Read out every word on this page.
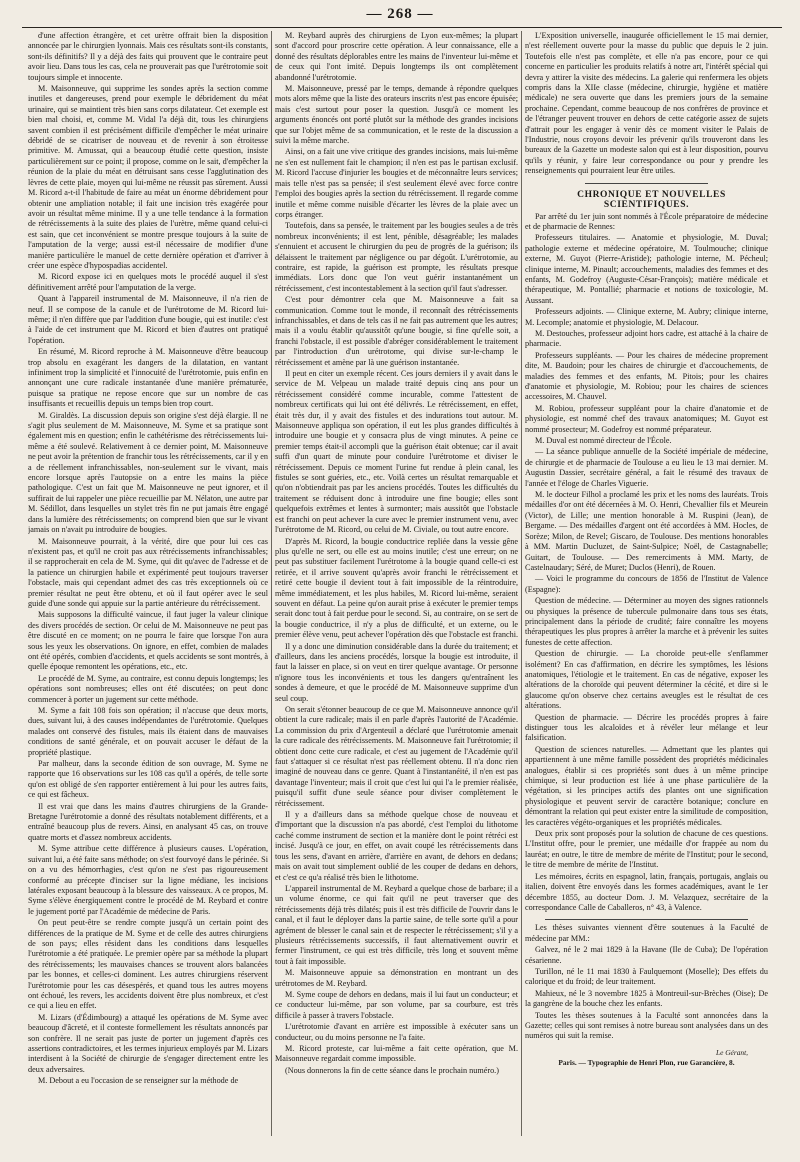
— 268 —

d'une affection étrangère, et cet urètre offrait bien la disposition annoncée par le chirurgien lyonnais. Mais ces résultats sont-ils constants, sont-ils définitifs? Il y a déjà des faits qui prouvent que le contraire peut avoir lieu. Dans tous les cas, cela ne prouverait pas que l'urétrotomie soit toujours simple et innocente.

M. Maisonneuve, qui supprime les sondes après la section comme inutiles et dangereuses, prend pour exemple le débridement du méat urinaire, qui se maintient très bien sans corps dilatateur. Cet exemple est bien mal choisi, et, comme M. Vidal l'a déjà dit, tous les chirurgiens savent combien il est précisément difficile d'empêcher le méat urinaire débridé de se cicatriser de nouveau et de revenir à son étroitesse primitive. M. Amussat, qui a beaucoup étudié cette question, insiste particulièrement sur ce point; il propose, comme on le sait, d'empêcher la réunion de la plaie du méat en détruisant sans cesse l'agglutination des lèvres de cette plaie, moyen qui lui-même ne réussit pas sûrement. Aussi M. Ricord a-t-il l'habitude de faire au méat un énorme débridement pour obtenir une ampliation notable; il fait une incision très exagérée pour avoir un résultat même minime. Il y a une telle tendance à la formation de rétrécissements à la suite des plaies de l'urètre, même quand celui-ci est sain, que cet inconvénient se montre presque toujours à la suite de l'amputation de la verge; aussi est-il nécessaire de modifier d'une manière particulière le manuel de cette dernière opération et d'arriver à créer une espèce d'hypospadias accidentel.

M. Ricord expose ici en quelques mots le procédé auquel il s'est définitivement arrêté pour l'amputation de la verge.

Quant à l'appareil instrumental de M. Maisonneuve, il n'a rien de neuf. Il se compose de la canule et de l'urétrotome de M. Ricord lui-même; il n'en diffère que par l'addition d'une bougie, qui est inutile: c'est à l'aide de cet instrument que M. Ricord et bien d'autres ont pratiqué l'opération.

En résumé, M. Ricord reproche à M. Maisonneuve d'être beaucoup trop absolu en exagérant les dangers de la dilatation, en vantant infiniment trop la simplicité et l'innocuité de l'urétrotomie, puis enfin en annonçant une cure radicale instantanée d'une manière prématurée, puisque sa pratique ne repose encore que sur un nombre de cas insuffisants et recueillis depuis un temps bien trop court.

M. Giraldès. La discussion depuis son origine s'est déjà élargie. Il ne s'agit plus seulement de M. Maisonneuve, M. Syme et sa pratique sont également mis en question; enfin le cathétérisme des rétrécissements lui-même a été soulevé. Relativement à ce dernier point, M. Maisonneuve ne peut avoir la prétention de franchir tous les rétrécissements, car il y en a de réellement infranchissables, non-seulement sur le vivant, mais encore lorsque après l'autopsie on a entre les mains la pièce pathologique. C'est un fait que M. Maisonneuve ne peut ignorer, et il suffirait de lui rappeler une pièce recueillie par M. Nélaton, une autre par M. Sédillot, dans lesquelles un stylet très fin ne put jamais être engagé dans la lumière des rétrécissements; on comprend bien que sur le vivant jamais on n'avait pu introduire de bougies.

M. Maisonneuve pourrait, à la vérité, dire que pour lui ces cas n'existent pas, et qu'il ne croit pas aux rétrécissements infranchissables; il se rapprocherait en cela de M. Syme, qui dit qu'avec de l'adresse et de la patience un chirurgien habile et expérimenté peut toujours traverser l'obstacle, mais qui cependant admet des cas très exceptionnels où ce premier résultat ne peut être obtenu, et où il faut opérer avec le seul guide d'une sonde qui appuie sur la partie antérieure du rétrécissement.

Mais supposons la difficulté vaincue, il faut juger la valeur clinique des divers procédés de section. Or celui de M. Maisonneuve ne peut pas être discuté en ce moment; on ne pourra le faire que lorsque l'on aura sous les yeux les observations. On ignore, en effet, combien de malades ont été opérés, combien d'accidents, et quels accidents se sont montrés, à quelle époque remontent les opérations, etc., etc.

Le procédé de M. Syme, au contraire, est connu depuis longtemps; les opérations sont nombreuses; elles ont été discutées; on peut donc commencer à porter un jugement sur cette méthode.

M. Syme a fait 108 fois son opération; il n'accuse que deux morts, dues, suivant lui, à des causes indépendantes de l'urétrotomie. Quelques malades ont conservé des fistules, mais ils étaient dans de mauvaises conditions de santé générale, et on pouvait accuser le défaut de la propriété plastique.

Par malheur, dans la seconde édition de son ouvrage, M. Syme ne rapporte que 16 observations sur les 108 cas qu'il a opérés, de telle sorte qu'on est obligé de s'en rapporter entièrement à lui pour les autres faits, ce qui est fâcheux.

Il est vrai que dans les mains d'autres chirurgiens de la Grande-Bretagne l'urétrotomie a donné des résultats notablement différents, et a entraîné beaucoup plus de revers. Ainsi, en analysant 45 cas, on trouve quatre morts et d'assez nombreux accidents.

M. Syme attribue cette différence à plusieurs causes. L'opération, suivant lui, a été faite sans méthode; on s'est fourvoyé dans le périnée. Si on a vu des hémorrhagies, c'est qu'on ne s'est pas rigoureusement conformé au précepte d'inciser sur la ligne médiane, les incisions latérales exposant beaucoup à la blessure des vaisseaux. A ce propos, M. Syme s'élève énergiquement contre le procédé de M. Reybard et contre le jugement porté par l'Académie de médecine de Paris.

On peut peut-être se rendre compte jusqu'à un certain point des différences de la pratique de M. Syme et de celle des autres chirurgiens de son pays; elles résident dans les conditions dans lesquelles l'urétrotomie a été pratiquée. Le premier opère par sa méthode la plupart des rétrécissements; les mauvaises chances se trouvent alors balancées par les bonnes, et celles-ci dominent. Les autres chirurgiens réservent l'urétrotomie pour les cas désespérés, et quand tous les autres moyens ont échoué, les revers, les accidents doivent être plus nombreux, et c'est ce qui a lieu en effet.

M. Lizars (d'Édimbourg) a attaqué les opérations de M. Syme avec beaucoup d'âcreté, et il conteste formellement les résultats annoncés par son confrère. Il ne serait pas juste de porter un jugement d'après ces assertions contradictoires, et les termes injurieux employés par M. Lizars interdisent à la Société de chirurgie de s'engager directement entre les deux adversaires.

M. Debout a eu l'occasion de se renseigner sur la méthode de

M. Reybard auprès des chirurgiens de Lyon eux-mêmes; la plupart sont d'accord pour proscrire cette opération. A leur connaissance, elle a donné des résultats déplorables entre les mains de l'inventeur lui-même et de ceux qui l'ont imité. Depuis longtemps ils ont complètement abandonné l'urétrotomie.

M. Maisonneuve, pressé par le temps, demande à répondre quelques mots alors même que la liste des orateurs inscrits n'est pas encore épuisée; mais c'est surtout pour poser la question. Jusqu'à ce moment les arguments énoncés ont porté plutôt sur la méthode des grandes incisions que sur l'objet même de sa communication, et le reste de la discussion a suivi la même marche.

Ainsi, on a fait une vive critique des grandes incisions, mais lui-même ne s'en est nullement fait le champion; il n'en est pas le partisan exclusif. M. Ricord l'accuse d'injurier les bougies et de méconnaître leurs services; mais telle n'est pas sa pensée; il s'est seulement élevé avec force contre l'emploi des bougies après la section du rétrécissement. Il regarde comme inutile et même comme nuisible d'écarter les lèvres de la plaie avec un corps étranger.

Toutefois, dans sa pensée, le traitement par les bougies seules a de très nombreux inconvénients; il est lent, pénible, désagréable; les malades s'ennuient et accusent le chirurgien du peu de progrès de la guérison; ils délaissent le traitement par négligence ou par dégoût. L'urétrotomie, au contraire, est rapide, la guérison est prompte, les résultats presque immédiats. Lors donc que l'on veut guérir instantanément un rétrécissement, c'est incontestablement à la section qu'il faut s'adresser.

C'est pour démontrer cela que M. Maisonneuve a fait sa communication. Comme tout le monde, il reconnaît des rétrécissements infranchissables, et dans de tels cas il ne fait pas autrement que les autres; mais il a voulu établir qu'aussitôt qu'une bougie, si fine qu'elle soit, a franchi l'obstacle, il est possible d'abréger considérablement le traitement par l'introduction d'un urétrotome, qui divise sur-le-champ le rétrécissement et amène par là une guérison instantanée.

Il peut en citer un exemple récent. Ces jours derniers il y avait dans le service de M. Velpeau un malade traité depuis cinq ans pour un rétrécissement considéré comme incurable, comme l'attestent de nombreux certificats qui lui ont été délivrés. Le rétrécissement, en effet, était très dur, il y avait des fistules et des indurations tout autour. M. Maisonneuve appliqua son opération, il eut les plus grandes difficultés à introduire une bougie et y consacra plus de vingt minutes. A peine ce premier temps était-il accompli que la guérison était obtenue; car il avait suffi d'un quart de minute pour conduire l'urétrotome et diviser le rétrécissement. Depuis ce moment l'urine fut rendue à plein canal, les fistules se sont guéries, etc., etc. Voilà certes un résultat remarquable et qu'on n'obtiendrait pas par les anciens procédés. Toutes les difficultés du traitement se réduisent donc à introduire une fine bougie; elles sont quelquefois extrêmes et lentes à surmonter; mais aussitôt que l'obstacle est franchi on peut achever la cure avec le premier instrument venu, avec l'urétrotome de M. Ricord, ou celui de M. Civiale, ou tout autre encore.

D'après M. Ricord, la bougie conductrice repliée dans la vessie gêne plus qu'elle ne sert, ou elle est au moins inutile; c'est une erreur; on ne peut pas substituer facilement l'urétrotome à la bougie quand celle-ci est retirée, et il arrive souvent qu'après avoir franchi le rétrécissement et retiré cette bougie il devient tout à fait impossible de la réintroduire, même immédiatement, et les plus habiles, M. Ricord lui-même, seraient souvent en défaut. La peine qu'on aurait prise à exécuter le premier temps serait donc tout à fait perdue pour le second. Si, au contraire, on se sert de la bougie conductrice, il n'y a plus de difficulté, et un externe, ou le premier élève venu, peut achever l'opération dès que l'obstacle est franchi.

Il y a donc une diminution considérable dans la durée du traitement; et d'ailleurs, dans les anciens procédés, lorsque la bougie est introduite, il faut la laisser en place, si on veut en tirer quelque avantage. Or personne n'ignore tous les inconvénients et tous les dangers qu'entraînent les sondes à demeure, et que le procédé de M. Maisonneuve supprime d'un seul coup.

On serait s'étonner beaucoup de ce que M. Maisonneuve annonce qu'il obtient la cure radicale; mais il en parle d'après l'autorité de l'Académie. La commission du prix d'Argenteuil a déclaré que l'urétrotomie amenait la cure radicale des rétrécissements. M. Maisonneuve fait l'urétrotomie; il obtient donc cette cure radicale, et c'est au jugement de l'Académie qu'il faut s'attaquer si ce résultat n'est pas réellement obtenu. Il n'a donc rien imaginé de nouveau dans ce genre. Quant à l'instantanéité, il n'en est pas davantage l'inventeur; mais il croit que c'est lui qui l'a le premier réalisée, puisqu'il suffit d'une seule séance pour diviser complètement le rétrécissement.

Il y a d'ailleurs dans sa méthode quelque chose de nouveau et d'important que la discussion n'a pas abordé, c'est l'emploi du lithotome caché comme instrument de section et la manière dont le point rétréci est incisé. Jusqu'à ce jour, en effet, on avait coupé les rétrécissements dans tous les sens, d'avant en arrière, d'arrière en avant, de dehors en dedans; mais on avait tout simplement oublié de les couper de dedans en dehors, et c'est ce qu'a réalisé très bien le lithotome.

L'appareil instrumental de M. Reybard a quelque chose de barbare; il a un volume énorme, ce qui fait qu'il ne peut traverser que des rétrécissements déjà très dilatés; puis il est très difficile de l'ouvrir dans le canal, et il faut le déployer dans la partie saine, de telle sorte qu'il a pour agrément de blesser le canal sain et de respecter le rétrécissement; s'il y a plusieurs rétrécissements successifs, il faut alternativement ouvrir et fermer l'instrument, ce qui est très difficile, très long et souvent même tout à fait impossible.

M. Maisonneuve appuie sa démonstration en montrant un des urétrotomes de M. Reybard.

M. Syme coupe de dehors en dedans, mais il lui faut un conducteur; et ce conducteur lui-même, par son volume, par sa courbure, est très difficile à passer à travers l'obstacle.

L'urétrotomie d'avant en arrière est impossible à exécuter sans un conducteur, ou du moins personne ne l'a faite.

M. Ricord proteste, car lui-même a fait cette opération, que M. Maisonneuve regardait comme impossible.

(Nous donnerons la fin de cette séance dans le prochain numéro.)

L'Exposition universelle, inaugurée officiellement le 15 mai dernier, n'est réellement ouverte pour la masse du public que depuis le 2 juin. Toutefois elle n'est pas complète, et elle n'a pas encore, pour ce qui concerne en particulier les produits relatifs à notre art, l'intérêt spécial qui devra y attirer la visite des médecins. La galerie qui renfermera les objets compris dans la XIIe classe (médecine, chirurgie, hygiène et matière médicale) ne sera ouverte que dans les premiers jours de la semaine prochaine. Cependant, comme beaucoup de nos confrères de province et de l'étranger peuvent trouver en dehors de cette catégorie assez de sujets d'attrait pour les engager à venir dès ce moment visiter le Palais de l'Industrie, nous croyons devoir les prévenir qu'ils trouveront dans les bureaux de la Gazette un modeste salon qui est à leur disposition, pourvu qu'ils y réunir, y faire leur correspondance ou pour y prendre les renseignements qui pourraient leur être utiles.

CHRONIQUE ET NOUVELLES SCIENTIFIQUES.

Par arrêté du 1er juin sont nommés à l'École préparatoire de médecine et de pharmacie de Rennes:

Professeurs titulaires. — Anatomie et physiologie, M. Duval; pathologie externe et médecine opératoire, M. Toulmouche; clinique externe, M. Guyot (Pierre-Aristide); pathologie interne, M. Pécheul; clinique interne, M. Pinault; accouchements, maladies des femmes et des enfants, M. Godefroy (Auguste-César-François); matière médicale et thérapeutique, M. Pontallié; pharmacie et notions de toxicologie, M. Aussant.

Professeurs adjoints. — Clinique externe, M. Aubry; clinique interne, M. Lecomple; anatomie et physiologie, M. Delacour.

M. Destouches, professeur adjoint hors cadre, est attaché à la chaire de pharmacie.

Professeurs suppléants. — Pour les chaires de médecine proprement dite, M. Baudoin; pour les chaires de chirurgie et d'accouchements, de maladies des femmes et des enfants, M. Pitois; pour les chaires d'anatomie et physiologie, M. Robiou; pour les chaires de sciences accessoires, M. Chauvel.

M. Robiou, professeur suppléant pour la chaire d'anatomie et de physiologie, est nommé chef des travaux anatomiques; M. Guyot est nommé prosecteur; M. Godefroy est nommé préparateur.

M. Duval est nommé directeur de l'École.

— La séance publique annuelle de la Société impériale de médecine, de chirurgie et de pharmacie de Toulouse a eu lieu le 13 mai dernier. M. Augustin Dassier, secrétaire général, a fait le résumé des travaux de l'année et l'éloge de Charles Viguerie.

M. le docteur Filhol a proclamé les prix et les noms des lauréats. Trois médailles d'or ont été décernées à M. O. Henri, Chevallier fils et Meurein (Victor), de Lille; une mention honorable à M. Ruspini (Jean), de Bergame. — Des médailles d'argent ont été accordées à MM. Hocles, de Sorèze; Milon, de Revel; Giscaro, de Toulouse. Des mentions honorables à MM. Martin Ducluzet, de Saint-Sulpice; Noël, de Castagnabelle; Guitart, de Toulouse. — Des remerciments à MM. Marty, de Castelnaudary; Séré, de Muret; Duclos (Henri), de Rouen.

— Voici le programme du concours de 1856 de l'Institut de Valence (Espagne):

Question de médecine. — Déterminer au moyen des signes rationnels ou physiques la présence de tubercule pulmonaire dans tous ses états, principalement dans la période de crudité; faire connaître les moyens thérapeutiques les plus propres à arrêter la marche et à prévenir les suites funestes de cette affection.

Question de chirurgie. — La choroïde peut-elle s'enflammer isolément? En cas d'affirmation, en décrire les symptômes, les lésions anatomiques, l'étiologie et le traitement. En cas de négative, exposer les altérations de la choroïde qui peuvent déterminer la cécité, et dire si le glaucome qu'on observe chez certains aveugles est le résultat de ces altérations.

Question de pharmacie. — Décrire les procédés propres à faire distinguer tous les alcaloïdes et à révéler leur mélange et leur falsification.

Question de sciences naturelles. — Admettant que les plantes qui appartiennent à une même famille possèdent des propriétés médicinales analogues, établir si ces propriétés sont dues à un même principe chimique, si leur production est liée à une phase particulière de la végétation, si les principes actifs des plantes ont une signification physiologique et peuvent servir de caractère botanique; conclure en démontrant la relation qui peut exister entre la similitude de composition, les caractères végéto-organiques et les propriétés médicales.

Deux prix sont proposés pour la solution de chacune de ces questions. L'Institut offre, pour le premier, une médaille d'or frappée au nom du lauréat; en outre, le titre de membre de mérite de l'Institut; pour le second, le titre de membre de mérite de l'Institut.

Les mémoires, écrits en espagnol, latin, français, portugais, anglais ou italien, doivent être envoyés dans les formes académiques, avant le 1er décembre 1855, au docteur Dom. J. M. Velazquez, secrétaire de la correspondance Calle de Caballeros, n° 43, à Valence.

Les thèses suivantes viennent d'être soutenues à la Faculté de médecine par MM.:

Galvez, né le 2 mai 1829 à la Havane (Ile de Cuba); De l'opération césarienne.

Turillon, né le 11 mai 1830 à Faulquemont (Moselle); Des effets du calorique et du froid; de leur traitement.

Mahieux, né le 3 novembre 1825 à Montreuil-sur-Brèches (Oise); De la gangrène de la bouche chez les enfants.

Toutes les thèses soutenues à la Faculté sont annoncées dans la Gazette; celles qui sont remises à notre bureau sont analysées dans un des numéros qui suit la remise.

Le Gérant,
Paris. — Typographie de Henri Plon, rue Garancière, 8.
